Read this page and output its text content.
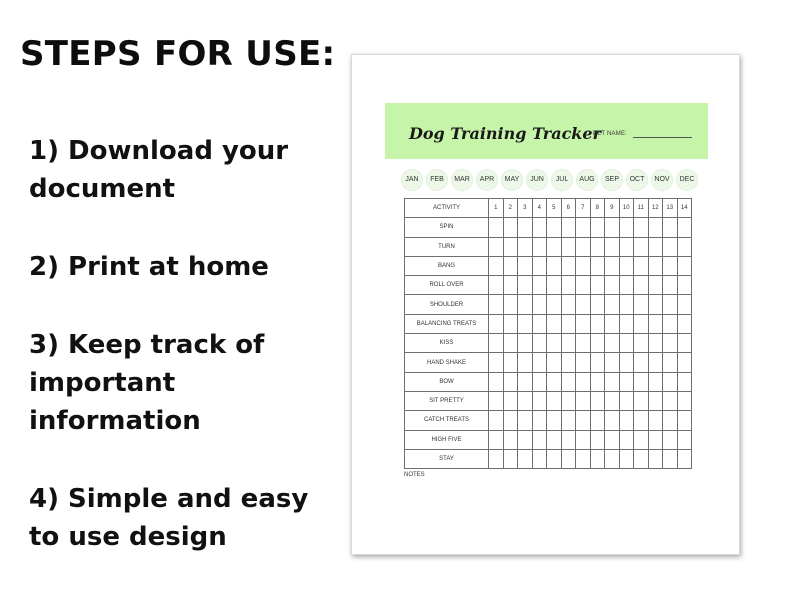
STEPS FOR USE:
1) Download your
document
2) Print at home
3) Keep track of
important
information
4) Simple and easy
to use design
Dog Training Tracker
PET NAME:
JAN	FEB	MAR	APR	MAY	JUN	JUL	AUG	SEP	OCT	NOV	DEC
ACTIVITY	1	2	3	4	5	6	7	8	9	10	11	12	13	14
SPIN														
TURN														
BANG														
ROLL OVER														
SHOULDER														
BALANCING TREATS														
KISS														
HAND SHAKE														
BOW														
SIT PRETTY														
CATCH TREATS														
HIGH FIVE														
STAY														
NOTES
